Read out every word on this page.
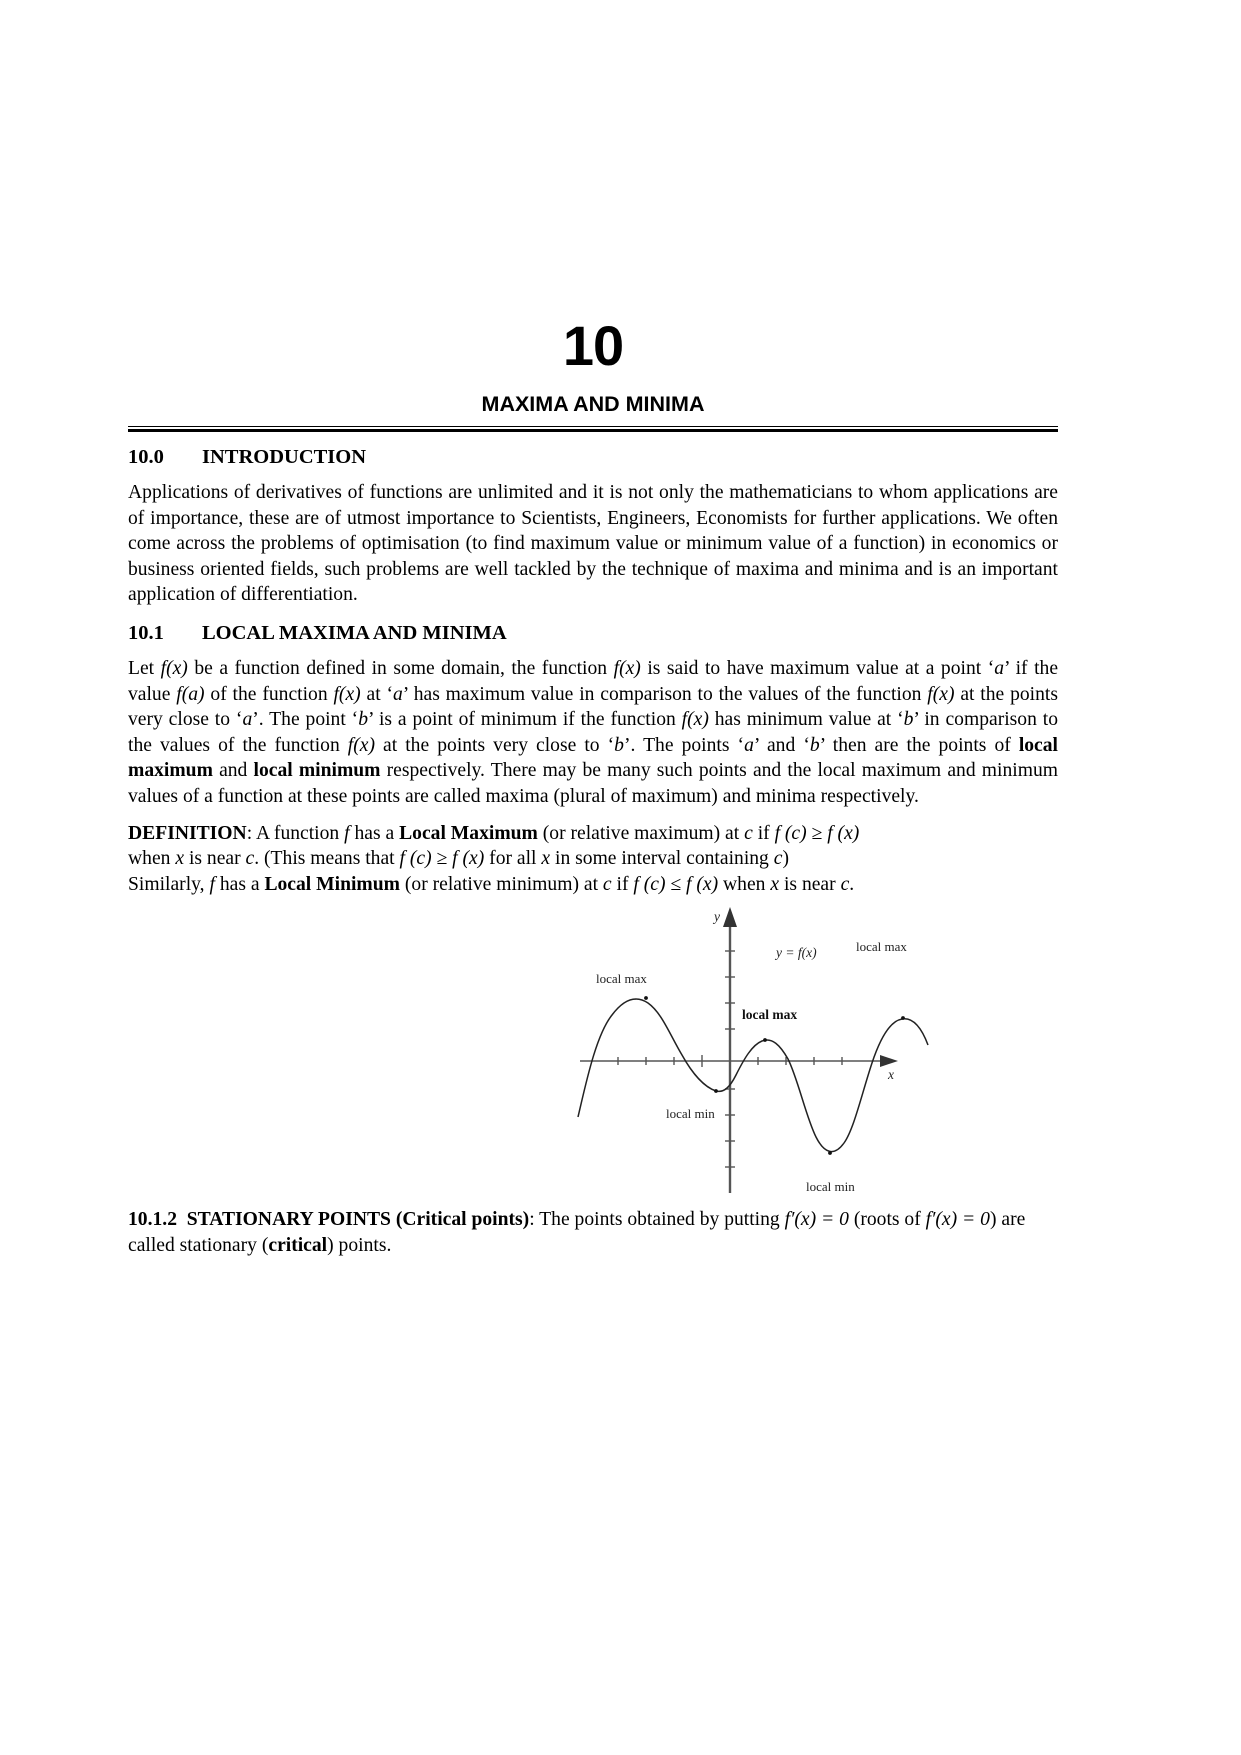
10
MAXIMA AND MINIMA
10.0	INTRODUCTION

Applications of derivatives of functions are unlimited and it is not only the mathematicians to whom applications are of importance, these are of utmost importance to Scientists, Engineers, Economists for further applications. We often come across the problems of optimisation (to find maximum value or minimum value of a function) in economics or business oriented fields, such problems are well tackled by the technique of maxima and minima and is an important application of differentiation.

10.1	LOCAL MAXIMA AND MINIMA

Let f(x) be a function defined in some domain, the function f(x) is said to have maximum value at a point ‘a’ if the value f(a) of the function f(x) at ‘a’ has maximum value in comparison to the values of the function f(x) at the points very close to ‘a’. The point ‘b’ is a point of minimum if the function f(x) has minimum value at ‘b’ in comparison to the values of the function f(x) at the points very close to ‘b’. The points ‘a’ and ‘b’ then are the points of local maximum and local minimum respectively. There may be many such points and the local maximum and minimum values of a function at these points are called maxima (plural of maximum) and minima respectively.

DEFINITION: A function f has a Local Maximum (or relative maximum) at c if f (c) ≥ f (x)
when x is near c. (This means that f (c) ≥ f (x) for all x in some interval containing c)
Similarly, f has a Local Minimum (or relative minimum) at c if f (c) ≤ f (x) when x is near c.

y
x
y = f(x)
local max
local max
local max
local min
local min

10.1.2 STATIONARY POINTS (Critical points): The points obtained by putting f′(x) = 0 (roots of f′(x) = 0) are called stationary (critical) points.
